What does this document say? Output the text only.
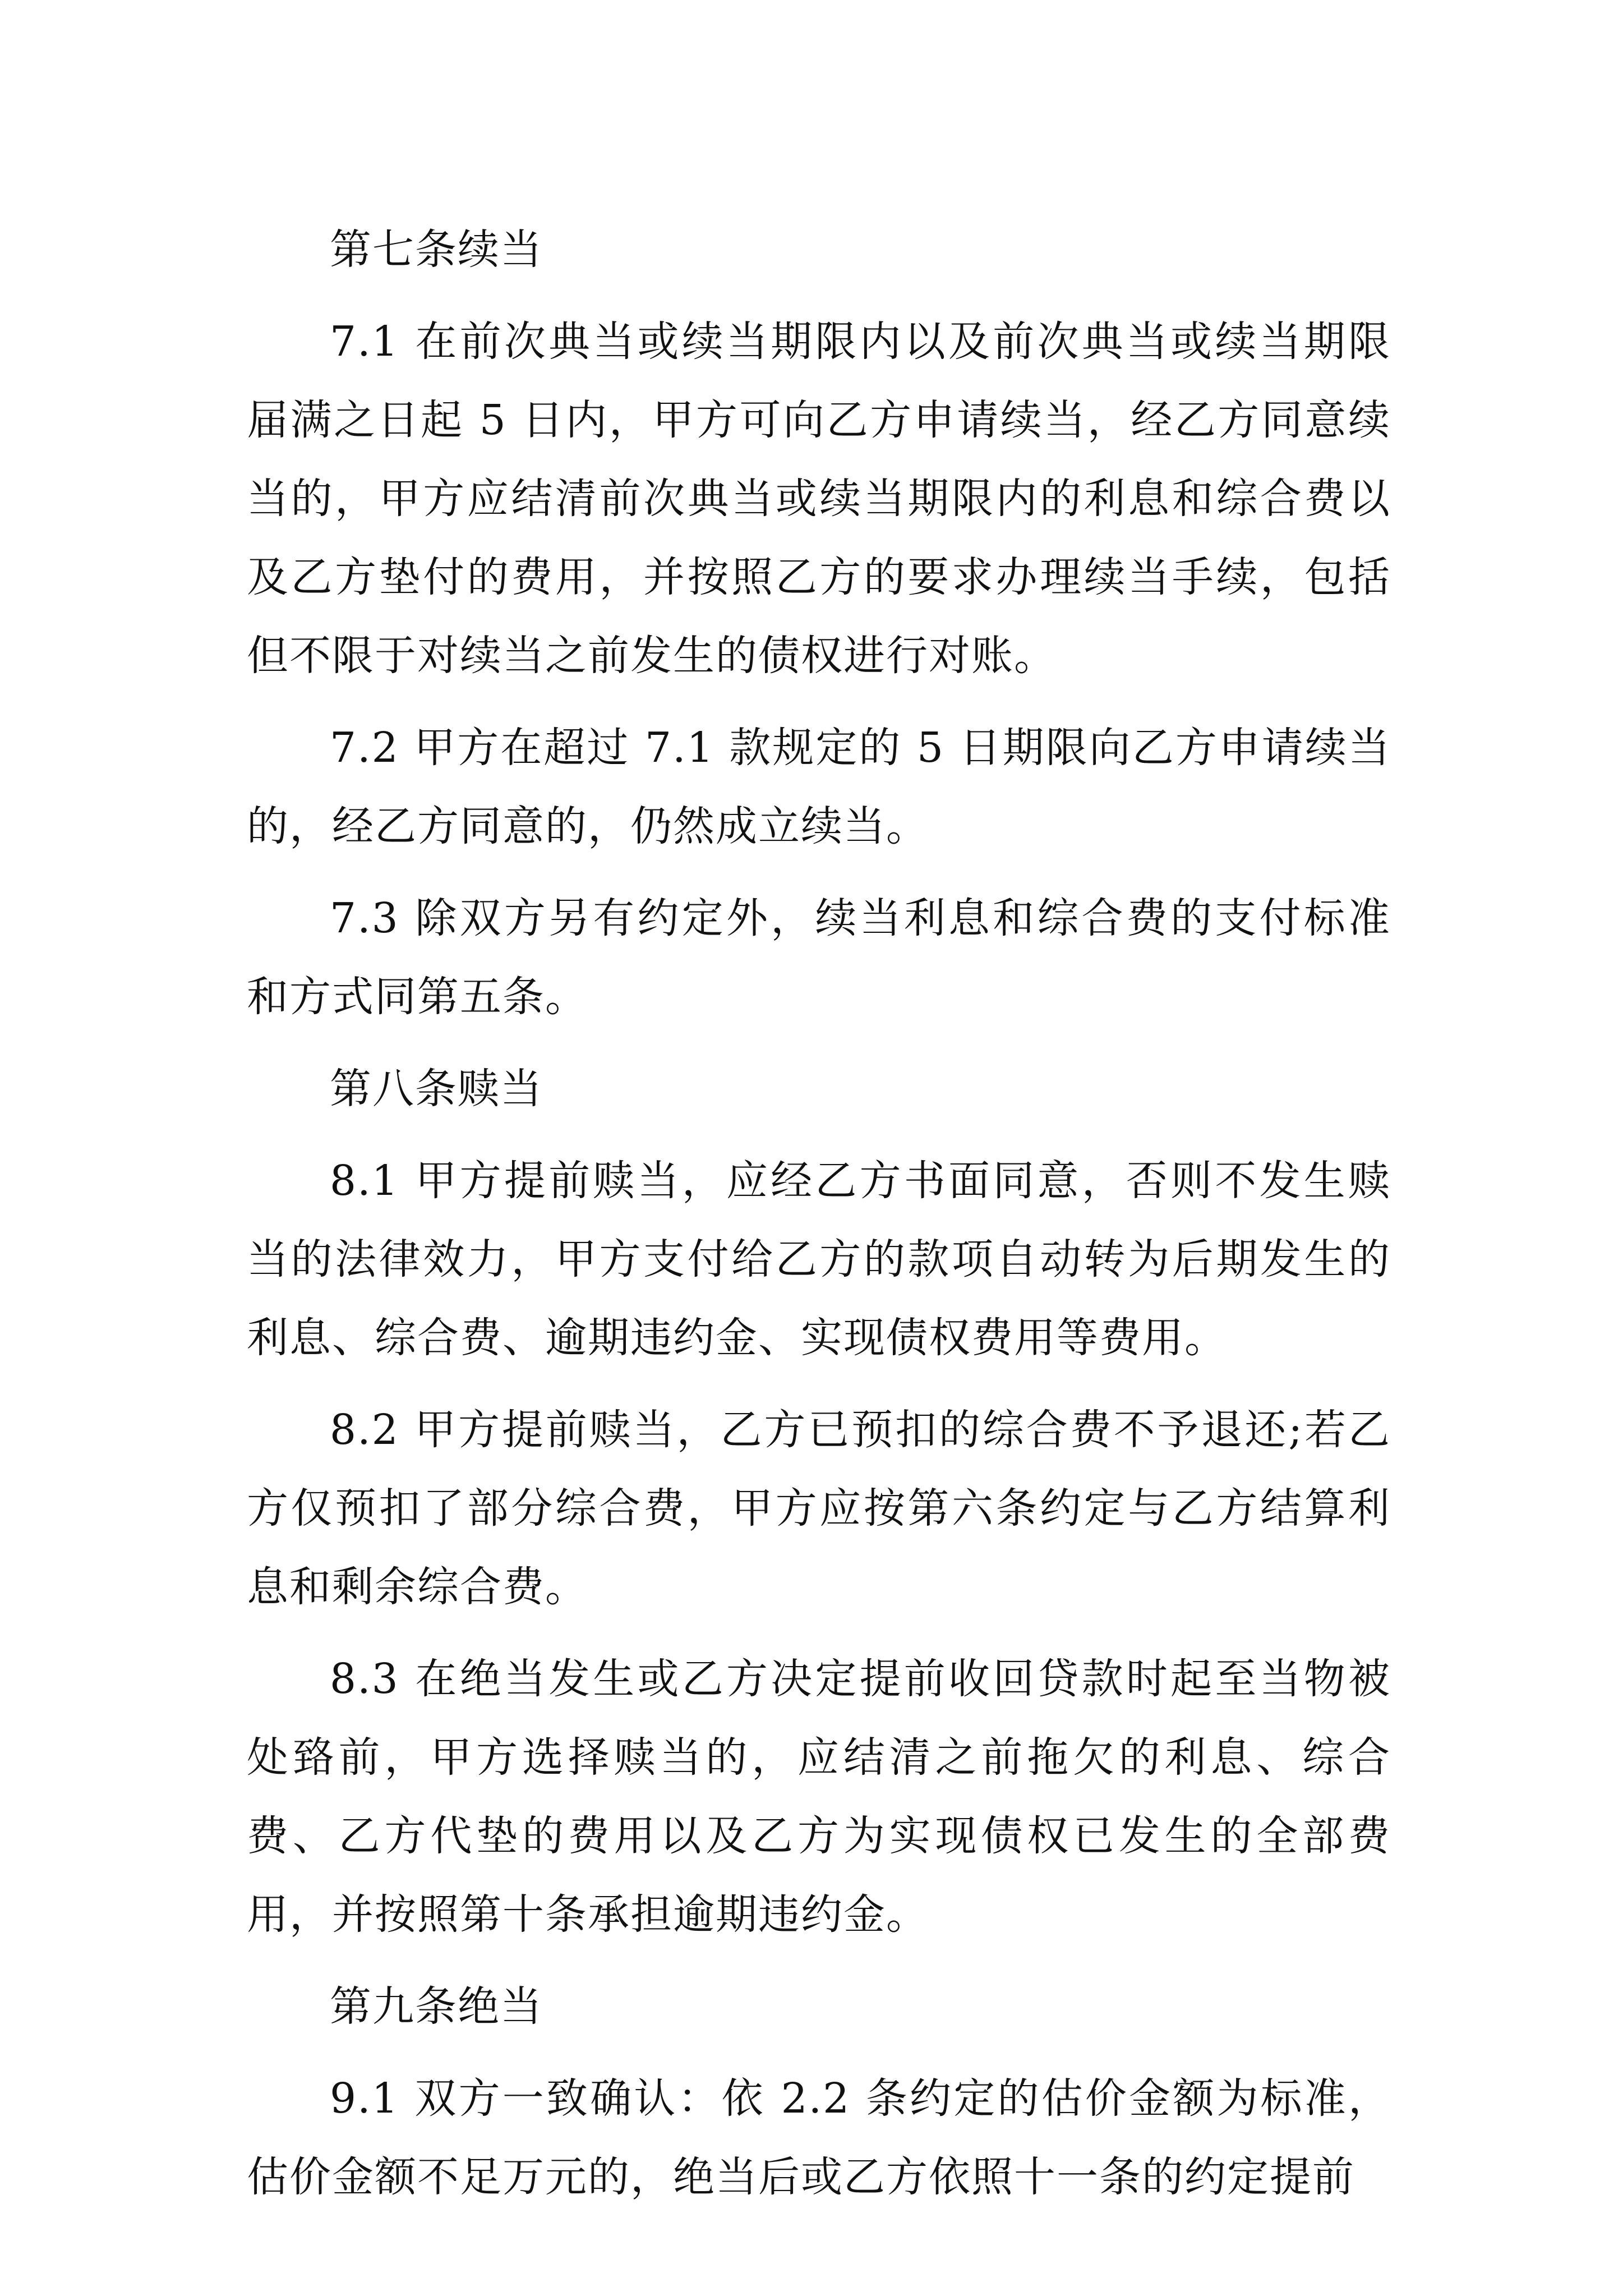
第七条续当

7.1 在前次典当或续当期限内以及前次典当或续当期限届满之日起 5 日内，甲方可向乙方申请续当，经乙方同意续当的，甲方应结清前次典当或续当期限内的利息和综合费以及乙方垫付的费用，并按照乙方的要求办理续当手续，包括但不限于对续当之前发生的债权进行对账。

7.2 甲方在超过 7.1 款规定的 5 日期限向乙方申请续当的，经乙方同意的，仍然成立续当。

7.3 除双方另有约定外，续当利息和综合费的支付标准和方式同第五条。

第八条赎当

8.1 甲方提前赎当，应经乙方书面同意，否则不发生赎当的法律效力，甲方支付给乙方的款项自动转为后期发生的利息、综合费、逾期违约金、实现债权费用等费用。

8.2 甲方提前赎当，乙方已预扣的综合费不予退还;若乙方仅预扣了部分综合费，甲方应按第六条约定与乙方结算利息和剩余综合费。

8.3 在绝当发生或乙方决定提前收回贷款时起至当物被处臵前，甲方选择赎当的，应结清之前拖欠的利息、综合费、乙方代垫的费用以及乙方为实现债权已发生的全部费用，并按照第十条承担逾期违约金。

第九条绝当

9.1 双方一致确认：依 2.2 条约定的估价金额为标准，估价金额不足万元的，绝当后或乙方依照十一条的约定提前
